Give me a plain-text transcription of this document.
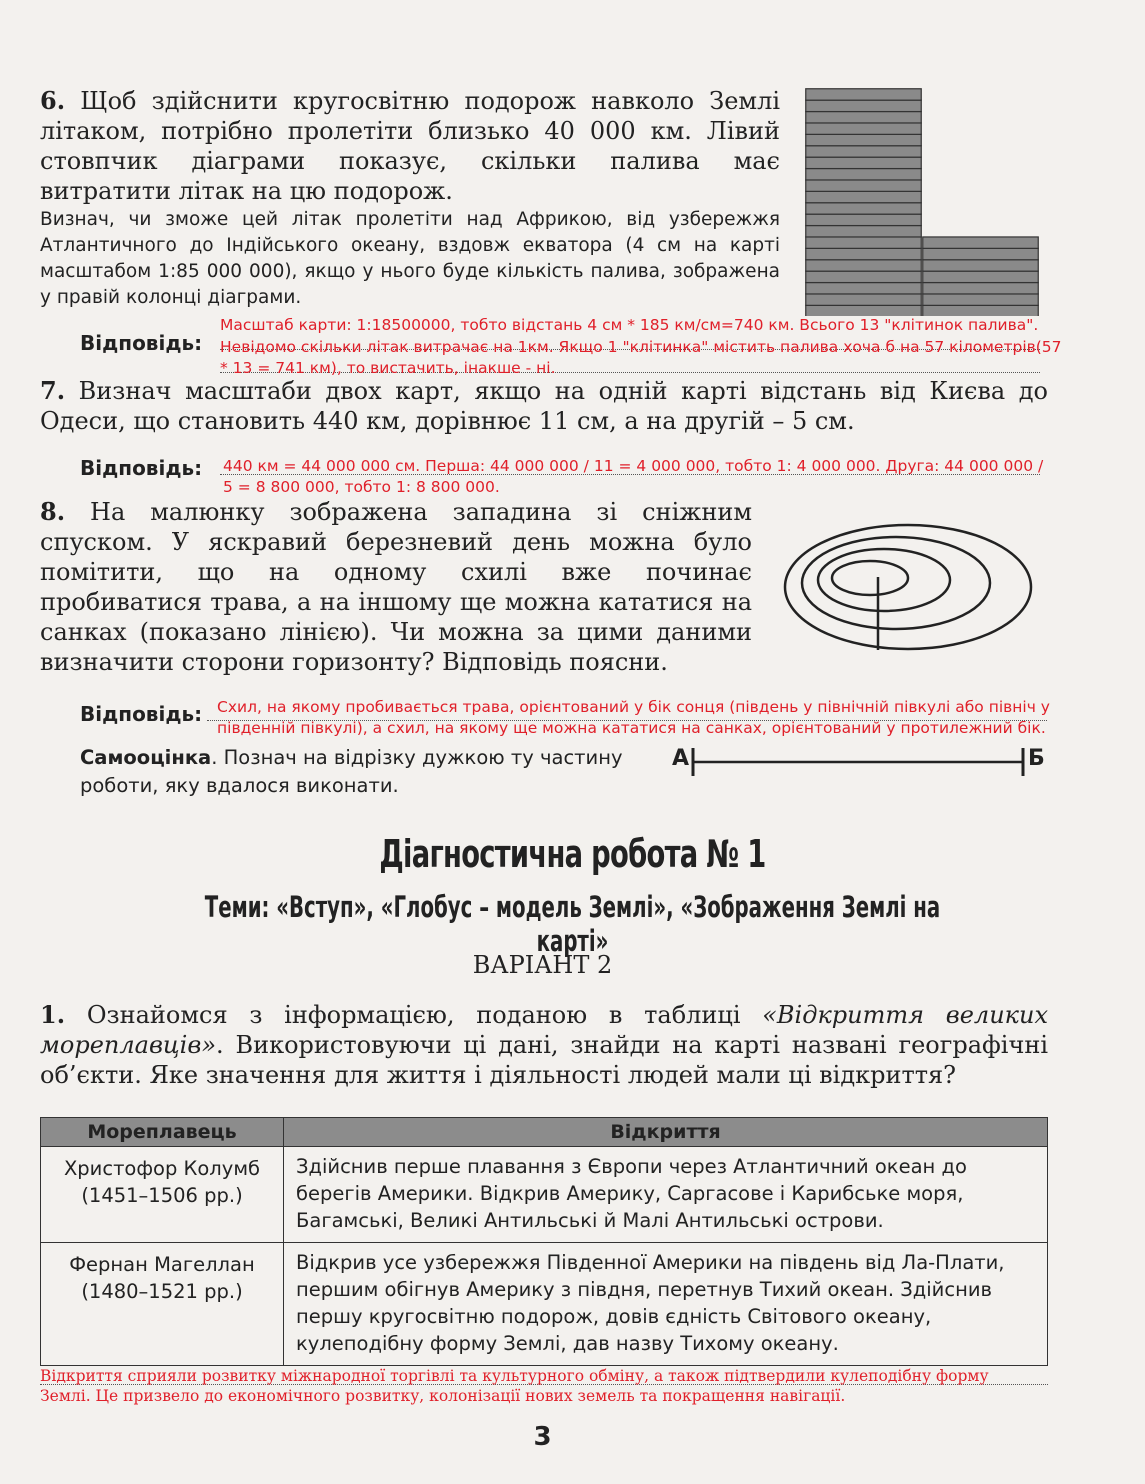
6. Щоб здійснити кругосвітню подорож навколо Землі літаком, потрібно пролетіти близько 40 000 км. Лівий стовпчик діаграми показує, скільки палива має витратити літак на цю подорож.
Визнач, чи зможе цей літак пролетіти над Африкою, від узбережжя Атлантичного до Індійського океану, вздовж екватора (4 см на карті масштабом 1:85 000 000), якщо у нього буде кількість палива, зображена у правій колонці діаграми.
Відповідь:
Масштаб карти: 1:18500000, тобто відстань 4 см * 185 км/см=740 км. Всього 13 "клітинок палива".
Невідомо скільки літак витрачає на 1км. Якщо 1 "клітинка" містить палива хоча б на 57 кілометрів(57
* 13 = 741 км), то вистачить, інакше - ні.
7. Визнач масштаби двох карт, якщо на одній карті відстань від Києва до Одеси, що становить 440 км, дорівнює 11 см, а на другій – 5 см.
Відповідь: 440 км = 44 000 000 см. Перша: 44 000 000 / 11 = 4 000 000, тобто 1: 4 000 000. Друга: 44 000 000 /
5 = 8 800 000, тобто 1: 8 800 000.
8. На малюнку зображена западина зі сніжним спуском. У яскравий березневий день можна було помітити, що на одному схилі вже починає пробиватися трава, а на іншому ще можна кататися на санках (показано лінією). Чи можна за цими даними визначити сторони горизонту? Відповідь поясни.
Відповідь: Схил, на якому пробивається трава, орієнтований у бік сонця (південь у північній півкулі або північ у
південній півкулі), а схил, на якому ще можна кататися на санках, орієнтований у протилежний бік.
Самооцінка. Познач на відрізку дужкою ту частину роботи, яку вдалося виконати.
А	Б
Діагностична робота № 1
Теми: «Вступ», «Глобус – модель Землі», «Зображення Землі на карті»
ВАРІАНТ 2
1. Ознайомся з інформацією, поданою в таблиці «Відкриття великих мореплавців». Використовуючи ці дані, знайди на карті названі географічні об’єкти. Яке значення для життя і діяльності людей мали ці відкриття?
Мореплавець	Відкриття

Христофор Колумб
(1451–1506 рр.)	Здійснив перше плавання з Європи через Атлантичний океан до берегів Америки. Відкрив Америку, Саргасове і Карибське моря, Багамські, Великі Антильські й Малі Антильські острови.

Фернан Магеллан
(1480–1521 рр.)	Відкрив усе узбережжя Південної Америки на південь від Ла-Плати, першим обігнув Америку з півдня, перетнув Тихий океан. Здійснив першу кругосвітню подорож, довів єдність Світового океану, кулеподібну форму Землі, дав назву Тихому океану.
Відкриття сприяли розвитку міжнародної торгівлі та культурного обміну, а також підтвердили кулеподібну форму
Землі. Це призвело до економічного розвитку, колонізації нових земель та покращення навігації.
3
